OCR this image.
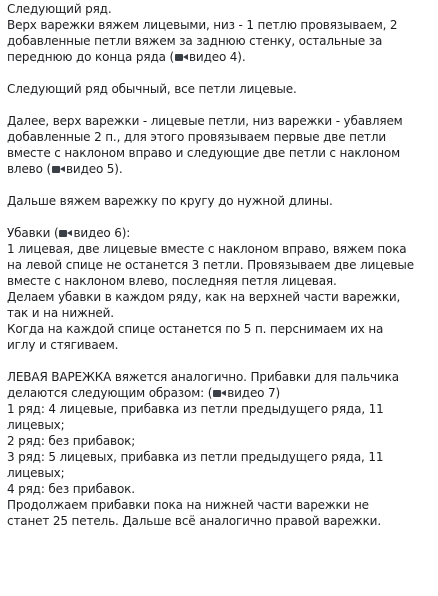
Следующий ряд.
Верх варежки вяжем лицевыми, низ - 1 петлю провязываем, 2
добавленные петли вяжем за заднюю стенку, остальные за
переднюю до конца ряда ( видео 4).
Следующий ряд обычный, все петли лицевые.
Далее, верх варежки - лицевые петли, низ варежки - убавляем
добавленные 2 п., для этого провязываем первые две петли
вместе с наклоном вправо и следующие две петли с наклоном
влево ( видео 5).
Дальше вяжем варежку по кругу до нужной длины.
Убавки ( видео 6):
1 лицевая, две лицевые вместе с наклоном вправо, вяжем пока
на левой спице не останется 3 петли. Провязываем две лицевые
вместе с наклоном влево, последняя петля лицевая.
Делаем убавки в каждом ряду, как на верхней части варежки,
так и на нижней.
Когда на каждой спице останется по 5 п. перснимаем их на
иглу и стягиваем.
ЛЕВАЯ ВАРЕЖКА вяжется аналогично. Прибавки для пальчика
делаются следующим образом: ( видео 7)
1 ряд: 4 лицевые, прибавка из петли предыдущего ряда, 11
лицевых;
2 ряд: без прибавок;
3 ряд: 5 лицевых, прибавка из петли предыдущего ряда, 11
лицевых;
4 ряд: без прибавок.
Продолжаем прибавки пока на нижней части варежки не
станет 25 петель. Дальше всё аналогично правой варежки.
